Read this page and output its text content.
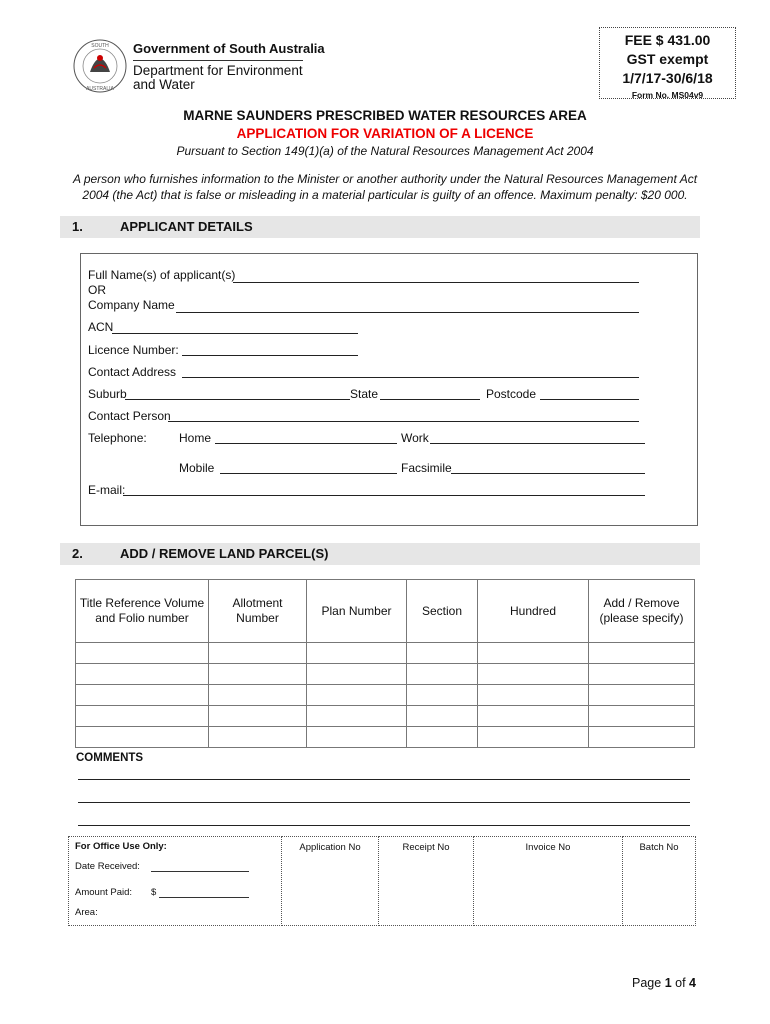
FEE $ 431.00
GST exempt
1/7/17-30/6/18
Form No. MS04v9
SOUTH
AUSTRALIA
Government of South Australia
Department for Environment
and Water
MARNE SAUNDERS PRESCRIBED WATER RESOURCES AREA
APPLICATION FOR VARIATION OF A LICENCE
Pursuant to Section 149(1)(a) of the Natural Resources Management Act 2004
A person who furnishes information to the Minister or another authority under the Natural Resources Management Act 2004 (the Act) that is false or misleading in a material particular is guilty of an offence. Maximum penalty: $20 000.
1.	APPLICANT DETAILS
Full Name(s) of applicant(s)
OR
Company Name
ACN
Licence Number:
Contact Address
Suburb	State	Postcode
Contact Person
Telephone:	Home	Work
Mobile	Facsimile
E-mail:
2.	ADD / REMOVE LAND PARCEL(S)
Title Reference Volume and Folio number	Allotment Number	Plan Number	Section	Hundred	Add / Remove (please specify)

COMMENTS
For Office Use Only:
Date Received:
Amount Paid: $
Area:
	Application No	Receipt No	Invoice No	Batch No
Page 1 of 4
